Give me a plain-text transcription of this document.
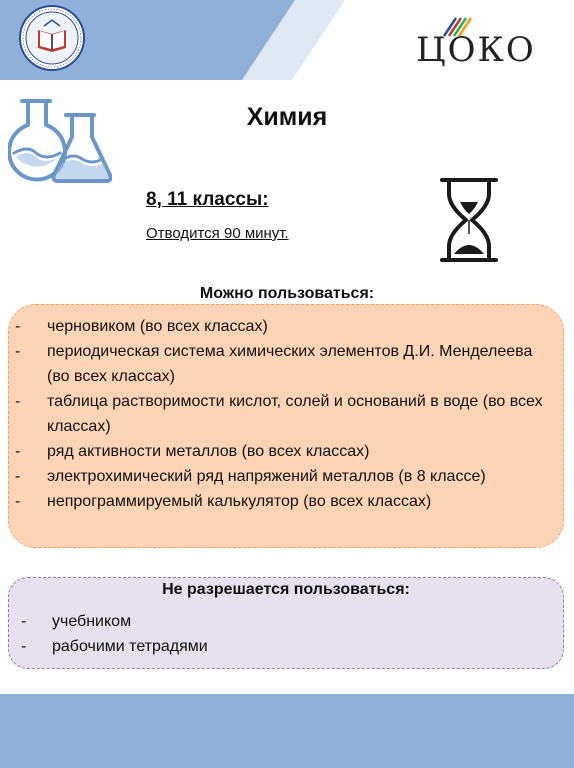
ЦОКО
Химия

8, 11 классы:

Отводится 90 минут.

Можно пользоваться:
- черновиком (во всех классах)
- периодическая система химических элементов Д.И. Менделеева (во всех классах)
- таблица растворимости кислот, солей и оснований в воде (во всех классах)
- ряд активности металлов (во всех классах)
- электрохимический ряд напряжений металлов (в 8 классе)
- непрограммируемый калькулятор (во всех классах)
Не разрешается пользоваться:
- учебником
- рабочими тетрадями
